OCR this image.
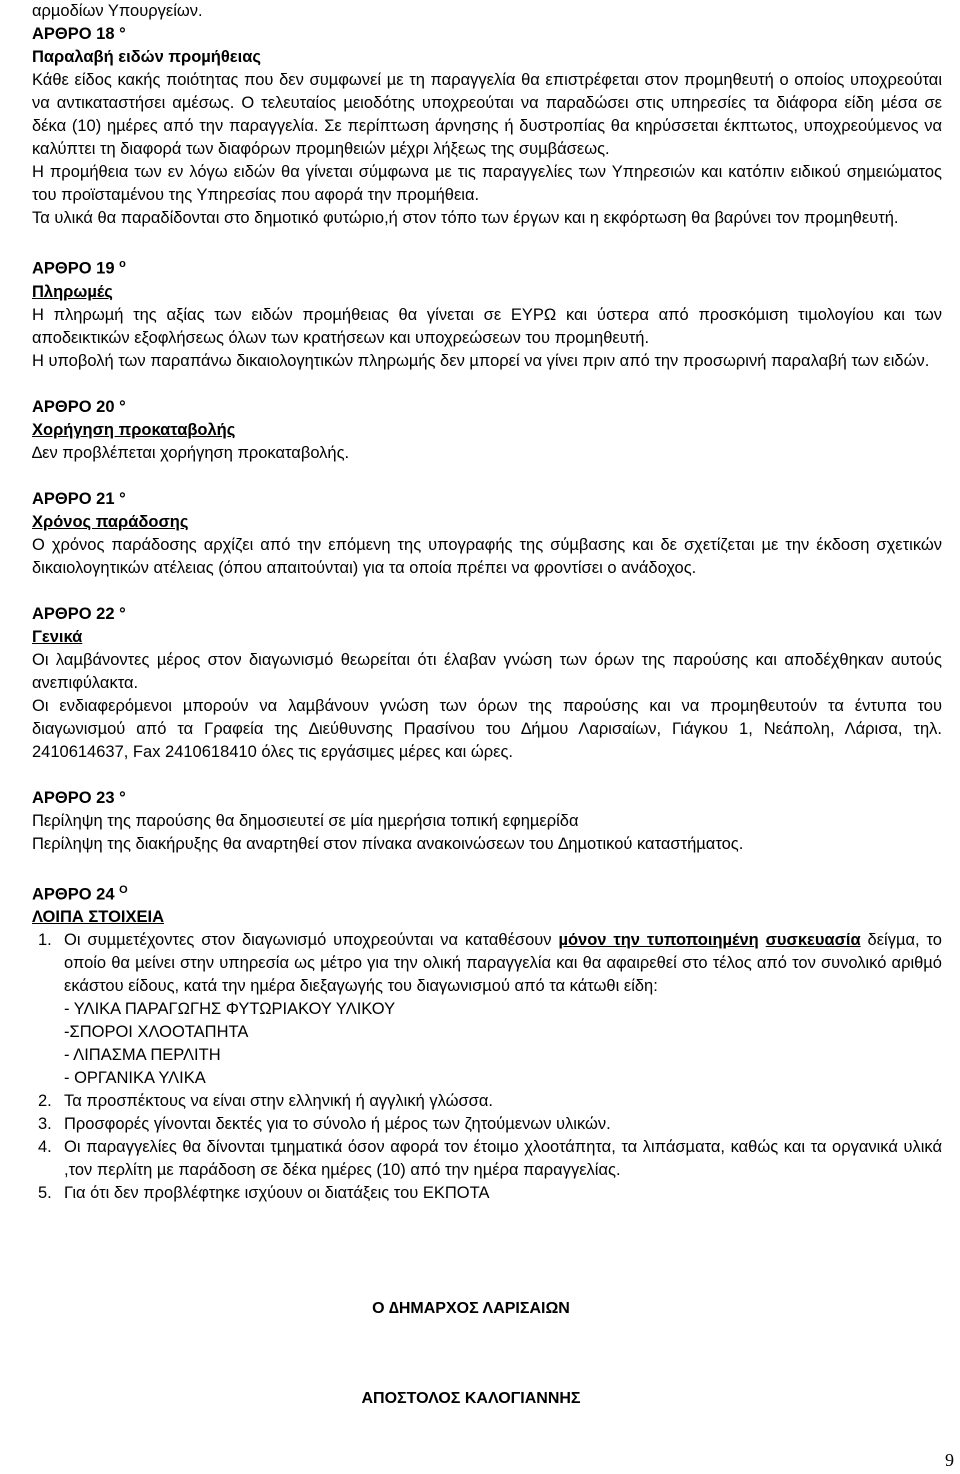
αρµοδίων Υπουργείων.

ΑΡΘΡΟ 18 °

Παραλαβή ειδών προµήθειας

Κάθε είδος κακής ποιότητας που δεν συµφωνεί µε τη παραγγελία θα επιστρέφεται στον προµηθευτή ο οποίος υποχρεούται να αντικαταστήσει αµέσως. Ο τελευταίος µειοδότης υποχρεούται να παραδώσει στις υπηρεσίες τα διάφορα είδη µέσα σε δέκα (10) ηµέρες από την παραγγελία. Σε περίπτωση άρνησης ή δυστροπίας θα κηρύσσεται έκπτωτος, υποχρεούµενος να καλύπτει τη διαφορά των διαφόρων προµηθειών µέχρι λήξεως της συµβάσεως.

Η προµήθεια των εν λόγω ειδών θα γίνεται σύµφωνα µε τις παραγγελίες των Υπηρεσιών και κατόπιν ειδικού σηµειώµατος του προϊσταµένου της Υπηρεσίας που αφορά την προµήθεια.

Τα υλικά θα παραδίδονται στο δηµοτικό φυτώριο,ή στον τόπο των έργων και η εκφόρτωση θα βαρύνει τον προµηθευτή.

ΑΡΘΡΟ 19 $^o$

Πληρωµές

Η πληρωµή της αξίας των ειδών προµήθειας θα γίνεται σε ΕΥΡΩ και ύστερα από προσκόµιση τιµολογίου και των αποδεικτικών εξοφλήσεως όλων των κρατήσεων και υποχρεώσεων του προµηθευτή.

Η υποβολή των παραπάνω δικαιολογητικών πληρωµής δεν µπορεί να γίνει πριν από την προσωρινή παραλαβή των ειδών.

ΑΡΘΡΟ 20 °

Χορήγηση προκαταβολής

∆εν προβλέπεται χορήγηση προκαταβολής.

ΑΡΘΡΟ 21 °

Χρόνος παράδοσης

Ο χρόνος παράδοσης αρχίζει από την επόµενη της υπογραφής της σύµβασης και δε σχετίζεται µε την έκδοση σχετικών δικαιολογητικών ατέλειας (όπου απαιτούνται) για τα οποία πρέπει να φροντίσει ο ανάδοχος.

ΑΡΘΡΟ 22 °

Γενικά

Οι λαµβάνοντες µέρος στον διαγωνισµό θεωρείται ότι έλαβαν γνώση των όρων της παρούσης και αποδέχθηκαν αυτούς ανεπιφύλακτα.

Οι ενδιαφερόµενοι µπορούν να λαµβάνουν γνώση των όρων της παρούσης και να προµηθευτούν τα έντυπα του διαγωνισµού από τα Γραφεία της ∆ιεύθυνσης Πρασίνου του ∆ήµου Λαρισαίων, Γιάγκου 1, Νεάπολη, Λάρισα, τηλ. 2410614637, Fax 2410618410 όλες τις εργάσιµες µέρες και ώρες.

ΑΡΘΡΟ 23 °

Περίληψη της παρούσης θα δηµοσιευτεί σε µία ηµερήσια τοπική εφηµερίδα

Περίληψη της διακήρυξης θα αναρτηθεί στον πίνακα ανακοινώσεων του ∆ηµοτικού καταστήµατος.

ΑΡΘΡΟ 24 $^O$

ΛΟΙΠΑ ΣΤΟΙΧΕΙΑ

1. Οι συµµετέχοντες στον διαγωνισµό υποχρεούνται να καταθέσουν µόνον την τυποποιηµένη συσκευασία δείγµα, το οποίο θα µείνει στην υπηρεσία ως µέτρο για την ολική παραγγελία και θα αφαιρεθεί στο τέλος από τον συνολικό αριθµό εκάστου είδους, κατά την ηµέρα διεξαγωγής του διαγωνισµού από τα κάτωθι είδη:

- ΥΛΙΚΑ ΠΑΡΑΓΩΓΗΣ ΦΥΤΩΡΙΑΚΟΥ ΥΛΙΚΟΥ

-ΣΠΟΡΟΙ ΧΛΟΟΤΑΠΗΤΑ

- ΛΙΠΑΣΜΑ ΠΕΡΛΙΤΗ

- ΟΡΓΑΝΙΚΑ ΥΛΙΚΑ

2. Τα προσπέκτους να είναι στην ελληνική ή αγγλική γλώσσα.
3. Προσφορές γίνονται δεκτές για το σύνολο ή µέρος των ζητούµενων υλικών.
4. Οι παραγγελίες θα δίνονται τµηµατικά όσον αφορά τον έτοιµο χλοοτάπητα, τα λιπάσµατα, καθώς και τα οργανικά υλικά ,τον περλίτη µε παράδοση σε δέκα ηµέρες (10) από την ηµέρα παραγγελίας.
5. Για ότι δεν προβλέφτηκε ισχύουν οι διατάξεις του ΕΚΠΟΤΑ

Ο ∆ΗΜΑΡΧΟΣ ΛΑΡΙΣΑΙΩΝ

ΑΠΟΣΤΟΛΟΣ ΚΑΛΟΓΙΑΝΝΗΣ

9
